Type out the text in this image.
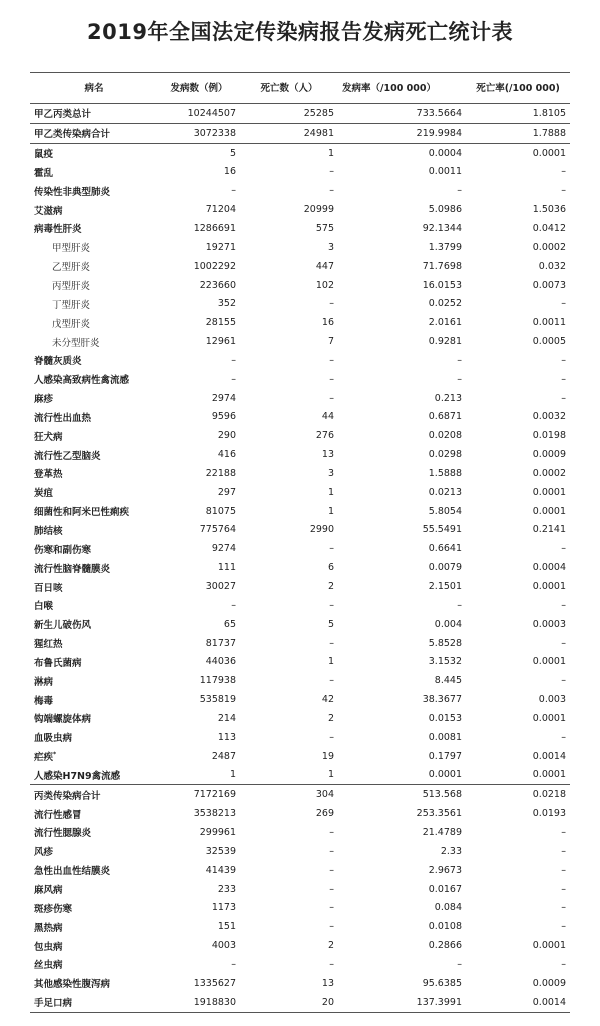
2019年全国法定传染病报告发病死亡统计表
病名	发病数（例）	死亡数（人）	发病率（/100 000）	死亡率(/100 000)
甲乙丙类总计	10244507	25285	733.5664	1.8105
甲乙类传染病合计	3072338	24981	219.9984	1.7888
鼠疫	5	1	0.0004	0.0001
霍乱	16	–	0.0011	–
传染性非典型肺炎	–	–	–	–
艾滋病	71204	20999	5.0986	1.5036
病毒性肝炎	1286691	575	92.1344	0.0412
甲型肝炎	19271	3	1.3799	0.0002
乙型肝炎	1002292	447	71.7698	0.032
丙型肝炎	223660	102	16.0153	0.0073
丁型肝炎	352	–	0.0252	–
戊型肝炎	28155	16	2.0161	0.0011
未分型肝炎	12961	7	0.9281	0.0005
脊髓灰质炎	–	–	–	–
人感染高致病性禽流感	–	–	–	–
麻疹	2974	–	0.213	–
流行性出血热	9596	44	0.6871	0.0032
狂犬病	290	276	0.0208	0.0198
流行性乙型脑炎	416	13	0.0298	0.0009
登革热	22188	3	1.5888	0.0002
炭疽	297	1	0.0213	0.0001
细菌性和阿米巴性痢疾	81075	1	5.8054	0.0001
肺结核	775764	2990	55.5491	0.2141
伤寒和副伤寒	9274	–	0.6641	–
流行性脑脊髓膜炎	111	6	0.0079	0.0004
百日咳	30027	2	2.1501	0.0001
白喉	–	–	–	–
新生儿破伤风	65	5	0.004	0.0003
猩红热	81737	–	5.8528	–
布鲁氏菌病	44036	1	3.1532	0.0001
淋病	117938	–	8.445	–
梅毒	535819	42	38.3677	0.003
钩端螺旋体病	214	2	0.0153	0.0001
血吸虫病	113	–	0.0081	–
疟疾*	2487	19	0.1797	0.0014
人感染H7N9禽流感	1	1	0.0001	0.0001
丙类传染病合计	7172169	304	513.568	0.0218
流行性感冒	3538213	269	253.3561	0.0193
流行性腮腺炎	299961	–	21.4789	–
风疹	32539	–	2.33	–
急性出血性结膜炎	41439	–	2.9673	–
麻风病	233	–	0.0167	–
斑疹伤寒	1173	–	0.084	–
黑热病	151	–	0.0108	–
包虫病	4003	2	0.2866	0.0001
丝虫病	–	–	–	–
其他感染性腹泻病	1335627	13	95.6385	0.0009
手足口病	1918830	20	137.3991	0.0014
